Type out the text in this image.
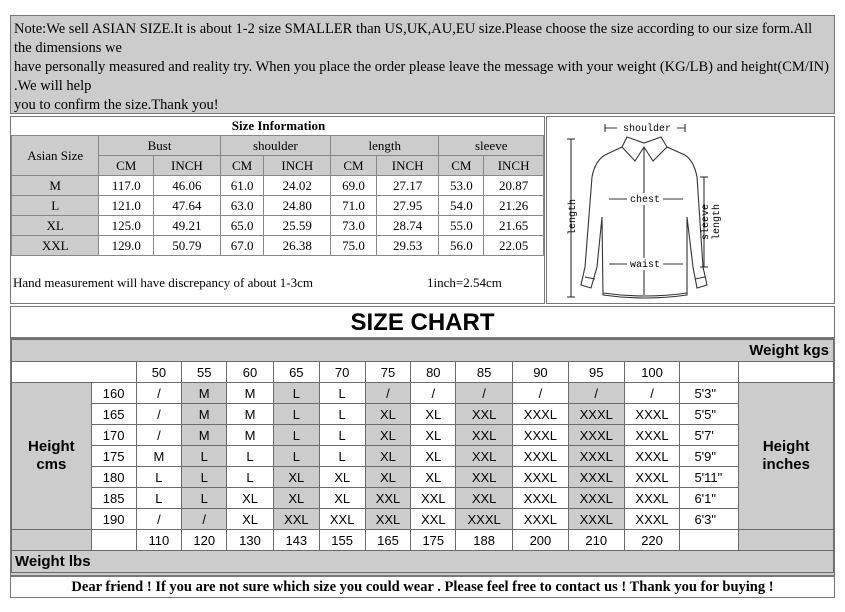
Note:We sell ASIAN SIZE.It is about 1-2 size SMALLER than US,UK,AU,EU size.Please choose the size according to our size form.All the dimensions we
have personally measured and reality try. When you place the order please leave the message with your weight (KG/LB) and height(CM/IN) .We will help
you to confirm the size.Thank you!
Size Information
Asian Size	Bust		shoulder		length		sleeve	
	CM	INCH	CM	INCH	CM	INCH	CM	INCH
M	117.0	46.06	61.0	24.02	69.0	27.17	53.0	20.87
L	121.0	47.64	63.0	24.80	71.0	27.95	54.0	21.26
XL	125.0	49.21	65.0	25.59	73.0	28.74	55.0	21.65
XXL	129.0	50.79	67.0	26.38	75.0	29.53	56.0	22.05
Hand measurement will have discrepancy of about 1-3cm	1inch=2.54cm
shoulder
chest
waist
length	sleeve length
SIZE CHART
Weight kgs														
		50	55	60	65	70	75	80	85	90	95	100		
Height
cms	160	/	M	M	L	L	/	/	/	/	/	/	5'3"	Height
inches
	165	/	M	M	L	L	XL	XL	XXL	XXXL	XXXL	XXXL	5'5"	
	170	/	M	M	L	L	XL	XL	XXL	XXXL	XXXL	XXXL	5'7'	
	175	M	L	L	L	L	XL	XL	XXL	XXXL	XXXL	XXXL	5'9"	
	180	L	L	L	XL	XL	XL	XL	XXL	XXXL	XXXL	XXXL	5'11"	
	185	L	L	XL	XL	XL	XXL	XXL	XXL	XXXL	XXXL	XXXL	6'1"	
	190	/	/	XL	XXL	XXL	XXL	XXL	XXXL	XXXL	XXXL	XXXL	6'3"	
		110	120	130	143	155	165	175	188	200	210	220		
Weight lbs														
Dear friend ! If you are not sure which size you could wear . Please feel free to contact us ! Thank you for buying !
